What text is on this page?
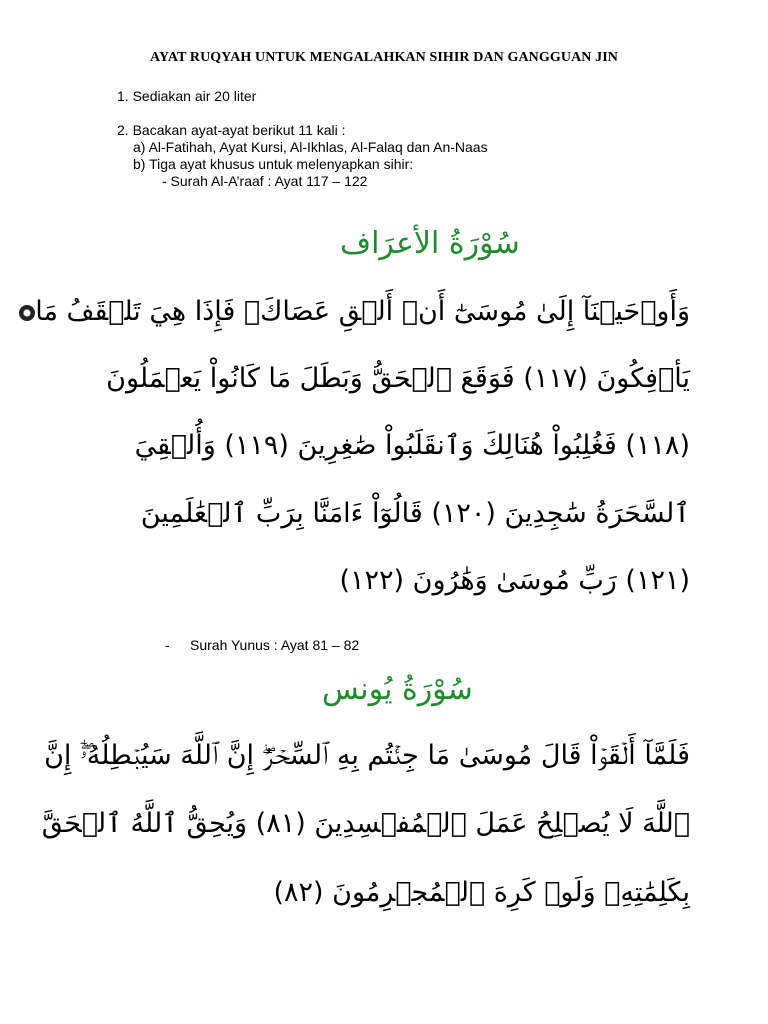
AYAT RUQYAH UNTUK MENGALAHKAN SIHIR DAN GANGGUAN JIN
1. Sediakan air 20 liter
2. Bacakan ayat-ayat berikut 11 kali :
a) Al-Fatihah, Ayat Kursi, Al-Ikhlas, Al-Falaq dan An-Naas
b) Tiga ayat khusus untuk melenyapkan sihir:
- Surah Al-A’raaf : Ayat 117 – 122
سُوْرَةُ الأعرَاف
وَأَوۡحَيۡنَآ إِلَىٰ مُوسَىٰٓ أَنۡ أَلۡقِ عَصَاكَۖ فَإِذَا هِيَ تَلۡقَفُ مَا
يَأۡفِكُونَ (١١٧) فَوَقَعَ ٱلۡحَقُّ وَبَطَلَ مَا كَانُواْ يَعۡمَلُونَ
(١١٨) فَغُلِبُواْ هُنَالِكَ وَٱنقَلَبُواْ صَٰغِرِينَ (١١٩) وَأُلۡقِيَ
ٱلسَّحَرَةُ سَٰجِدِينَ (١٢٠) قَالُوٓاْ ءَامَنَّا بِرَبِّ ٱلۡعَٰلَمِينَ
(١٢١) رَبِّ مُوسَىٰ وَهَٰرُونَ (١٢٢)
- Surah Yunus : Ayat 81 – 82
سُوْرَةُ يُونس
فَلَمَّآ أَلۡقَوۡاْ قَالَ مُوسَىٰ مَا جِئۡتُم بِهِ ٱلسِّحۡرُۖ إِنَّ ٱللَّهَ سَيُبۡطِلُهُۥٓۖ إِنَّ
ٱللَّهَ لَا يُصۡلِحُ عَمَلَ ٱلۡمُفۡسِدِينَ (٨١) وَيُحِقُّ ٱللَّهُ ٱلۡحَقَّ
بِكَلِمَٰتِهِۦ وَلَوۡ كَرِهَ ٱلۡمُجۡرِمُونَ (٨٢)
